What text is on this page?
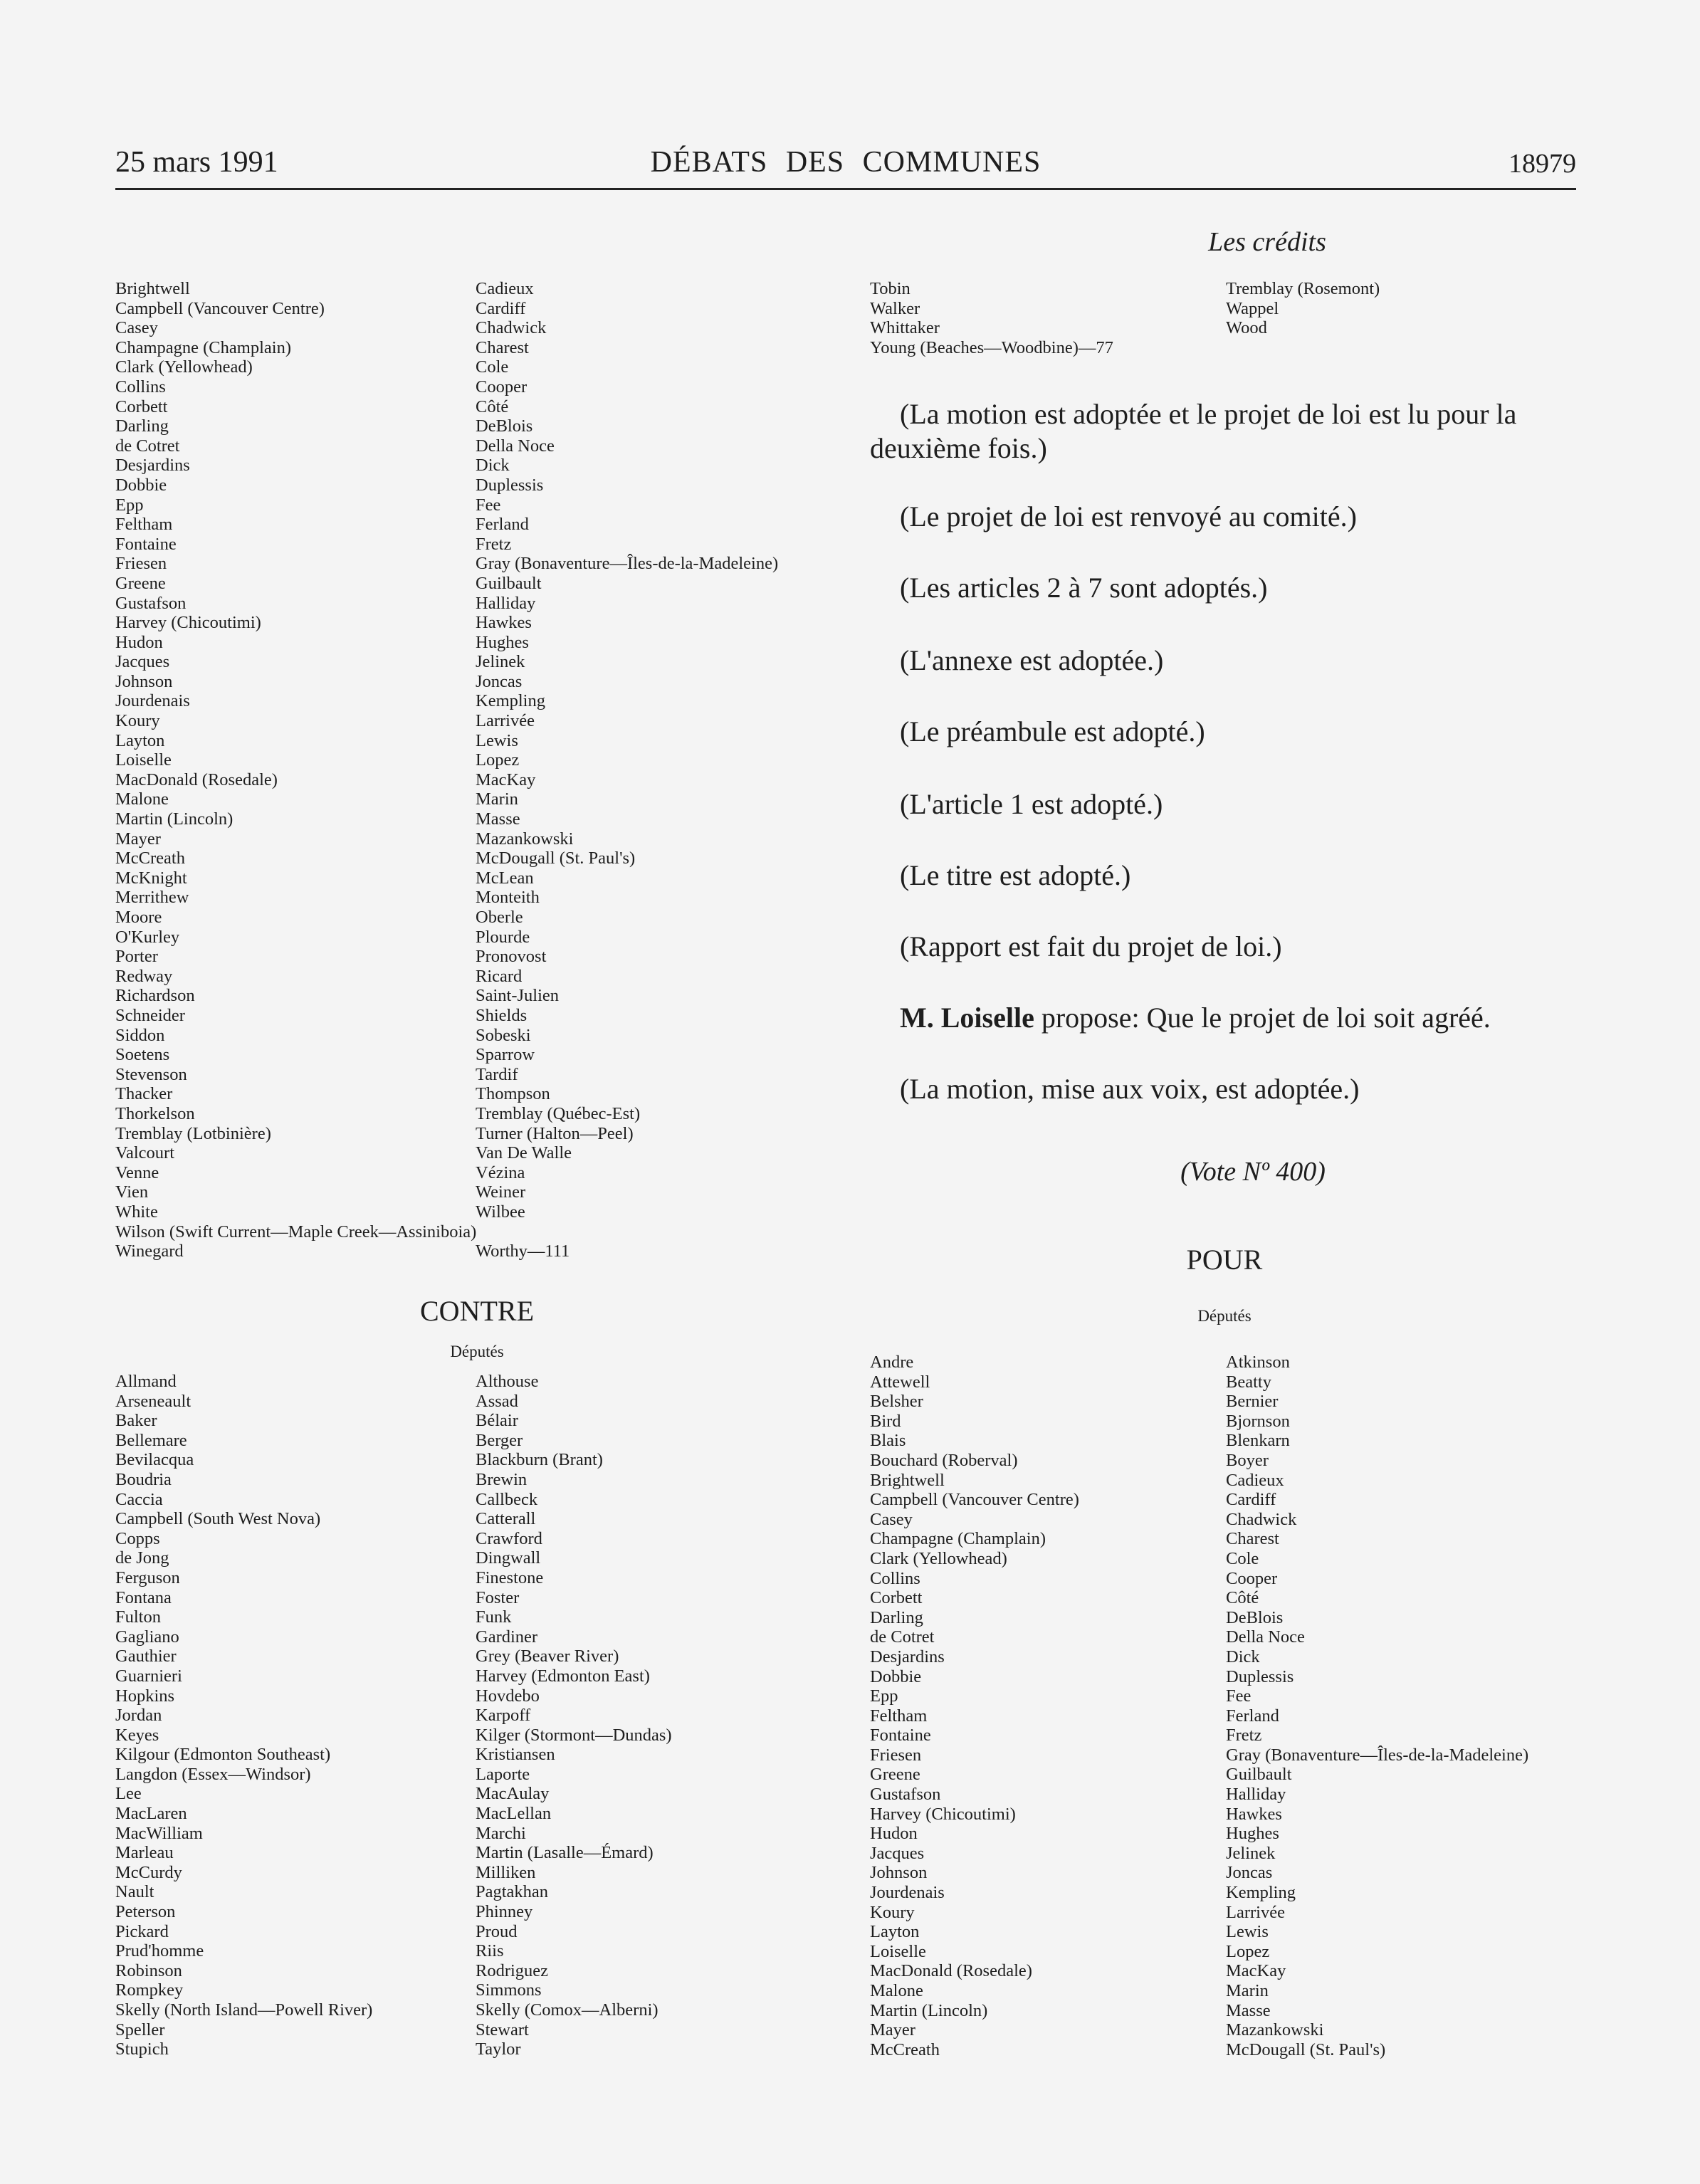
25 mars 1991	DÉBATS DES COMMUNES	18979
Les crédits
Brightwell
Campbell (Vancouver Centre)
Casey
Champagne (Champlain)
Clark (Yellowhead)
Collins
Corbett
Darling
de Cotret
Desjardins
Dobbie
Epp
Feltham
Fontaine
Friesen
Greene
Gustafson
Harvey (Chicoutimi)
Hudon
Jacques
Johnson
Jourdenais
Koury
Layton
Loiselle
MacDonald (Rosedale)
Malone
Martin (Lincoln)
Mayer
McCreath
McKnight
Merrithew
Moore
O'Kurley
Porter
Redway
Richardson
Schneider
Siddon
Soetens
Stevenson
Thacker
Thorkelson
Tremblay (Lotbinière)
Valcourt
Venne
Vien
White
Wilson (Swift Current—Maple Creek—Assiniboia)
Winegard
Cadieux
Cardiff
Chadwick
Charest
Cole
Cooper
Côté
DeBlois
Della Noce
Dick
Duplessis
Fee
Ferland
Fretz
Gray (Bonaventure—Îles-de-la-Madeleine)
Guilbault
Halliday
Hawkes
Hughes
Jelinek
Joncas
Kempling
Larrivée
Lewis
Lopez
MacKay
Marin
Masse
Mazankowski
McDougall (St. Paul's)
McLean
Monteith
Oberle
Plourde
Pronovost
Ricard
Saint-Julien
Shields
Sobeski
Sparrow
Tardif
Thompson
Tremblay (Québec-Est)
Turner (Halton—Peel)
Van De Walle
Vézina
Weiner
Wilbee
Worthy—111
CONTRE
Députés
Allmand
Arseneault
Baker
Bellemare
Bevilacqua
Boudria
Caccia
Campbell (South West Nova)
Copps
de Jong
Ferguson
Fontana
Fulton
Gagliano
Gauthier
Guarnieri
Hopkins
Jordan
Keyes
Kilgour (Edmonton Southeast)
Langdon (Essex—Windsor)
Lee
MacLaren
MacWilliam
Marleau
McCurdy
Nault
Peterson
Pickard
Prud'homme
Robinson
Rompkey
Skelly (North Island—Powell River)
Speller
Stupich
Althouse
Assad
Bélair
Berger
Blackburn (Brant)
Brewin
Callbeck
Catterall
Crawford
Dingwall
Finestone
Foster
Funk
Gardiner
Grey (Beaver River)
Harvey (Edmonton East)
Hovdebo
Karpoff
Kilger (Stormont—Dundas)
Kristiansen
Laporte
MacAulay
MacLellan
Marchi
Martin (Lasalle—Émard)
Milliken
Pagtakhan
Phinney
Proud
Riis
Rodriguez
Simmons
Skelly (Comox—Alberni)
Stewart
Taylor
Tobin
Walker
Whittaker
Young (Beaches—Woodbine)—77
Tremblay (Rosemont)
Wappel
Wood

(La motion est adoptée et le projet de loi est lu pour la deuxième fois.)

(Le projet de loi est renvoyé au comité.)

(Les articles 2 à 7 sont adoptés.)

(L'annexe est adoptée.)

(Le préambule est adopté.)

(L'article 1 est adopté.)

(Le titre est adopté.)

(Rapport est fait du projet de loi.)

M. Loiselle propose: Que le projet de loi soit agréé.

(La motion, mise aux voix, est adoptée.)

(Vote Nº 400)
POUR
Députés
Andre
Attewell
Belsher
Bird
Blais
Bouchard (Roberval)
Brightwell
Campbell (Vancouver Centre)
Casey
Champagne (Champlain)
Clark (Yellowhead)
Collins
Corbett
Darling
de Cotret
Desjardins
Dobbie
Epp
Feltham
Fontaine
Friesen
Greene
Gustafson
Harvey (Chicoutimi)
Hudon
Jacques
Johnson
Jourdenais
Koury
Layton
Loiselle
MacDonald (Rosedale)
Malone
Martin (Lincoln)
Mayer
McCreath
Atkinson
Beatty
Bernier
Bjornson
Blenkarn
Boyer
Cadieux
Cardiff
Chadwick
Charest
Cole
Cooper
Côté
DeBlois
Della Noce
Dick
Duplessis
Fee
Ferland
Fretz
Gray (Bonaventure—Îles-de-la-Madeleine)
Guilbault
Halliday
Hawkes
Hughes
Jelinek
Joncas
Kempling
Larrivée
Lewis
Lopez
MacKay
Marin
Masse
Mazankowski
McDougall (St. Paul's)
